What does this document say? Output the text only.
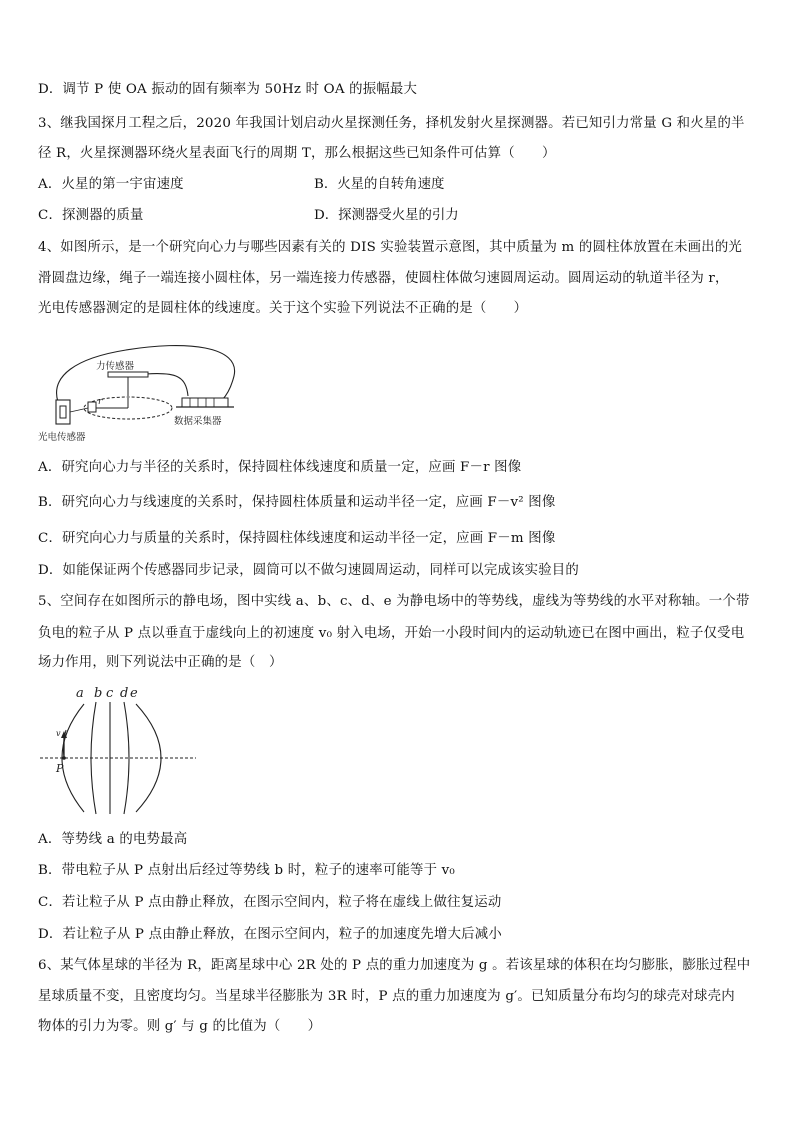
D．调节 P 使 OA 振动的固有频率为 50Hz 时 OA 的振幅最大
3、继我国探月工程之后，2020 年我国计划启动火星探测任务，择机发射火星探测器。若已知引力常量 G 和火星的半
径 R，火星探测器环绕火星表面飞行的周期 T，那么根据这些已知条件可估算（　　）
A．火星的第一宇宙速度	B．火星的自转角速度
C．探测器的质量	D．探测器受火星的引力
4、如图所示，是一个研究向心力与哪些因素有关的 DIS 实验装置示意图，其中质量为 m 的圆柱体放置在未画出的光
滑圆盘边缘，绳子一端连接小圆柱体，另一端连接力传感器，使圆柱体做匀速圆周运动。圆周运动的轨道半径为 r，
光电传感器测定的是圆柱体的线速度。关于这个实验下列说法不正确的是（　　）
力传感器
r
光电传感器
数据采集器
A．研究向心力与半径的关系时，保持圆柱体线速度和质量一定，应画 F－r 图像
B．研究向心力与线速度的关系时，保持圆柱体质量和运动半径一定，应画 F－v² 图像
C．研究向心力与质量的关系时，保持圆柱体线速度和运动半径一定，应画 F－m 图像
D．如能保证两个传感器同步记录，圆筒可以不做匀速圆周运动，同样可以完成该实验目的
5、空间存在如图所示的静电场，图中实线 a、b、c、d、e 为静电场中的等势线，虚线为等势线的水平对称轴。一个带
负电的粒子从 P 点以垂直于虚线向上的初速度 v₀ 射入电场，开始一小段时间内的运动轨迹已在图中画出，粒子仅受电
场力作用，则下列说法中正确的是（　）
a b c d e
v
P
A．等势线 a 的电势最高
B．带电粒子从 P 点射出后经过等势线 b 时，粒子的速率可能等于 v₀
C．若让粒子从 P 点由静止释放，在图示空间内，粒子将在虚线上做往复运动
D．若让粒子从 P 点由静止释放，在图示空间内，粒子的加速度先增大后减小
6、某气体星球的半径为 R，距离星球中心 2R 处的 P 点的重力加速度为 g 。若该星球的体积在均匀膨胀，膨胀过程中
星球质量不变，且密度均匀。当星球半径膨胀为 3R 时，P 点的重力加速度为 g′。已知质量分布均匀的球壳对球壳内
物体的引力为零。则 g′ 与 g 的比值为（　　）
